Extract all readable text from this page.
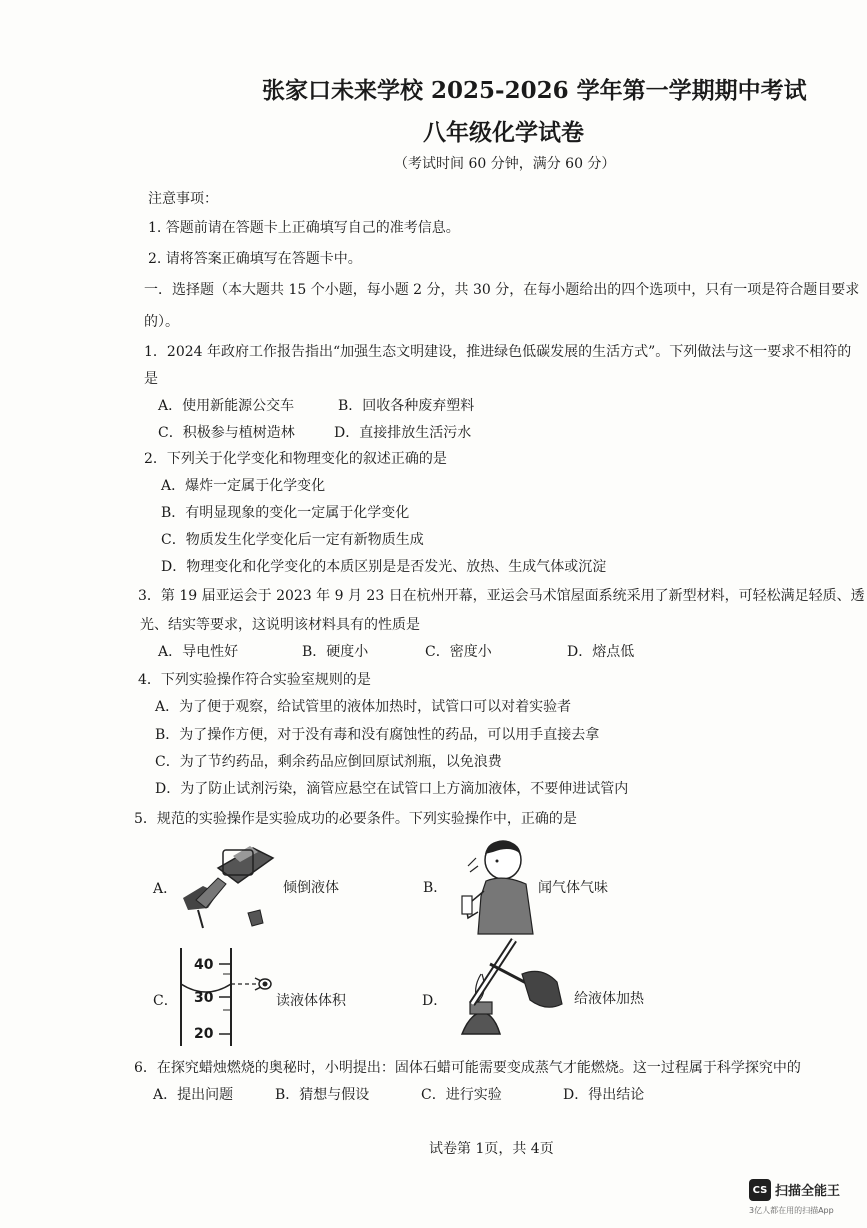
张家口未来学校 2025-2026 学年第一学期期中考试
八年级化学试卷
（考试时间 60 分钟，满分 60 分）
注意事项：
1. 答题前请在答题卡上正确填写自己的准考信息。
2. 请将答案正确填写在答题卡中。
一．选择题（本大题共 15 个小题，每小题 2 分，共 30 分，在每小题给出的四个选项中，只有一项是符合题目要求
的）。
1．2024 年政府工作报告指出“加强生态文明建设，推进绿色低碳发展的生活方式”。下列做法与这一要求不相符的
是
A．使用新能源公交车	B．回收各种废弃塑料
C．积极参与植树造林	D．直接排放生活污水
2．下列关于化学变化和物理变化的叙述正确的是
A．爆炸一定属于化学变化
B．有明显现象的变化一定属于化学变化
C．物质发生化学变化后一定有新物质生成
D．物理变化和化学变化的本质区别是是否发光、放热、生成气体或沉淀
3．第 19 届亚运会于 2023 年 9 月 23 日在杭州开幕，亚运会马术馆屋面系统采用了新型材料，可轻松满足轻质、透
光、结实等要求，这说明该材料具有的性质是
A．导电性好	B．硬度小	C．密度小	D．熔点低
4．下列实验操作符合实验室规则的是
A．为了便于观察，给试管里的液体加热时，试管口可以对着实验者
B．为了操作方便，对于没有毒和没有腐蚀性的药品，可以用手直接去拿
C．为了节约药品，剩余药品应倒回原试剂瓶，以免浪费
D．为了防止试剂污染，滴管应悬空在试管口上方滴加液体，不要伸进试管内
5．规范的实验操作是实验成功的必要条件。下列实验操作中，正确的是
A．	倾倒液体	B．	闻气体气味
C．
40
30
20
读液体体积	D．	给液体加热
6．在探究蜡烛燃烧的奥秘时，小明提出：固体石蜡可能需要变成蒸气才能燃烧。这一过程属于科学探究中的
A．提出问题	B．猜想与假设	C．进行实验	D．得出结论
试卷第 1页，共 4页
CS 扫描全能王
3亿人都在用的扫描App
